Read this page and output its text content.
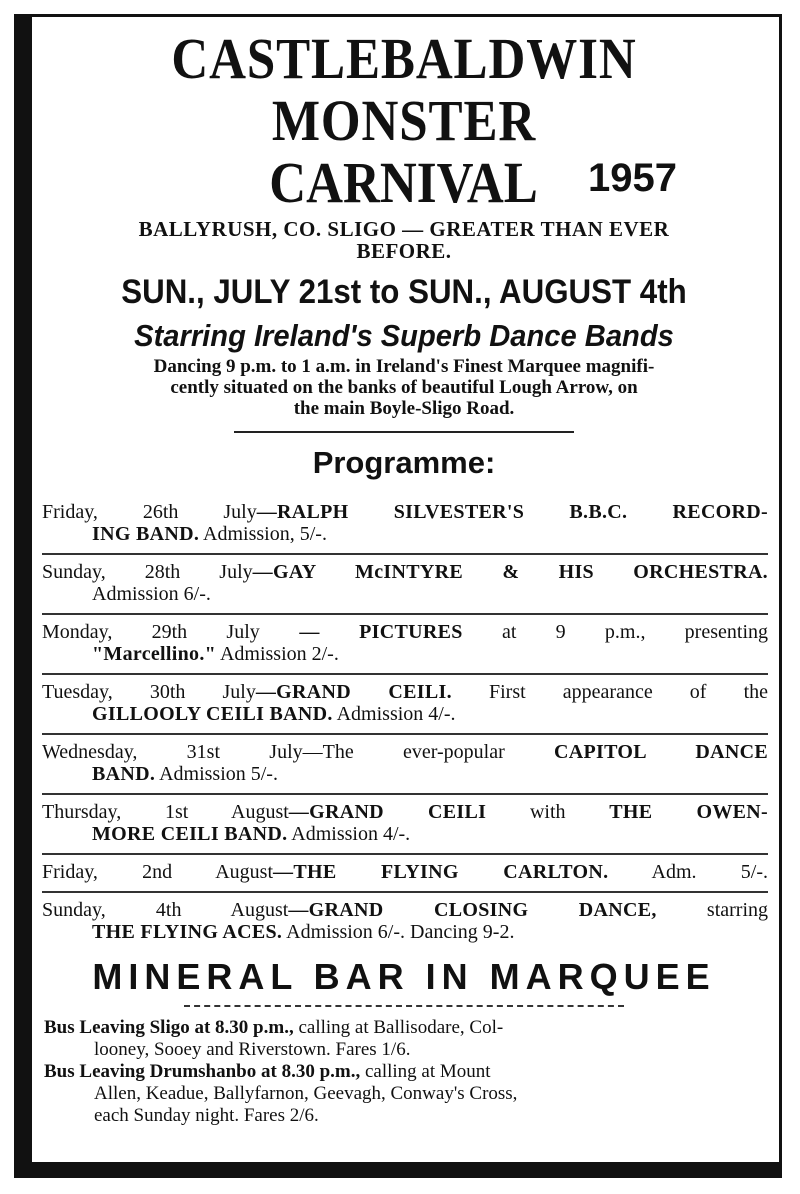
CASTLEBALDWIN MONSTER
CARNIVAL 1957
BALLYRUSH, CO. SLIGO — GREATER THAN EVER
BEFORE.
SUN., JULY 21st to SUN., AUGUST 4th
Starring Ireland's Superb Dance Bands
Dancing 9 p.m. to 1 a.m. in Ireland's Finest Marquee magnifi-
cently situated on the banks of beautiful Lough Arrow, on
the main Boyle-Sligo Road.
Programme:
Friday, 26th July—RALPH SILVESTER'S B.B.C. RECORD-
ING BAND. Admission, 5/-.
Sunday, 28th July—GAY McINTYRE & HIS ORCHESTRA.
Admission 6/-.
Monday, 29th July — PICTURES at 9 p.m., presenting
"Marcellino." Admission 2/-.
Tuesday, 30th July—GRAND CEILI. First appearance of the
GILLOOLY CEILI BAND. Admission 4/-.
Wednesday, 31st July—The ever-popular CAPITOL DANCE
BAND. Admission 5/-.
Thursday, 1st August—GRAND CEILI with THE OWEN-
MORE CEILI BAND. Admission 4/-.
Friday, 2nd August—THE FLYING CARLTON. Adm. 5/-.
Sunday, 4th August—GRAND CLOSING DANCE, starring
THE FLYING ACES. Admission 6/-. Dancing 9-2.
MINERAL BAR IN MARQUEE
Bus Leaving Sligo at 8.30 p.m., calling at Ballisodare, Col-
looney, Sooey and Riverstown. Fares 1/6.
Bus Leaving Drumshanbo at 8.30 p.m., calling at Mount
Allen, Keadue, Ballyfarnon, Geevagh, Conway's Cross,
each Sunday night. Fares 2/6.
